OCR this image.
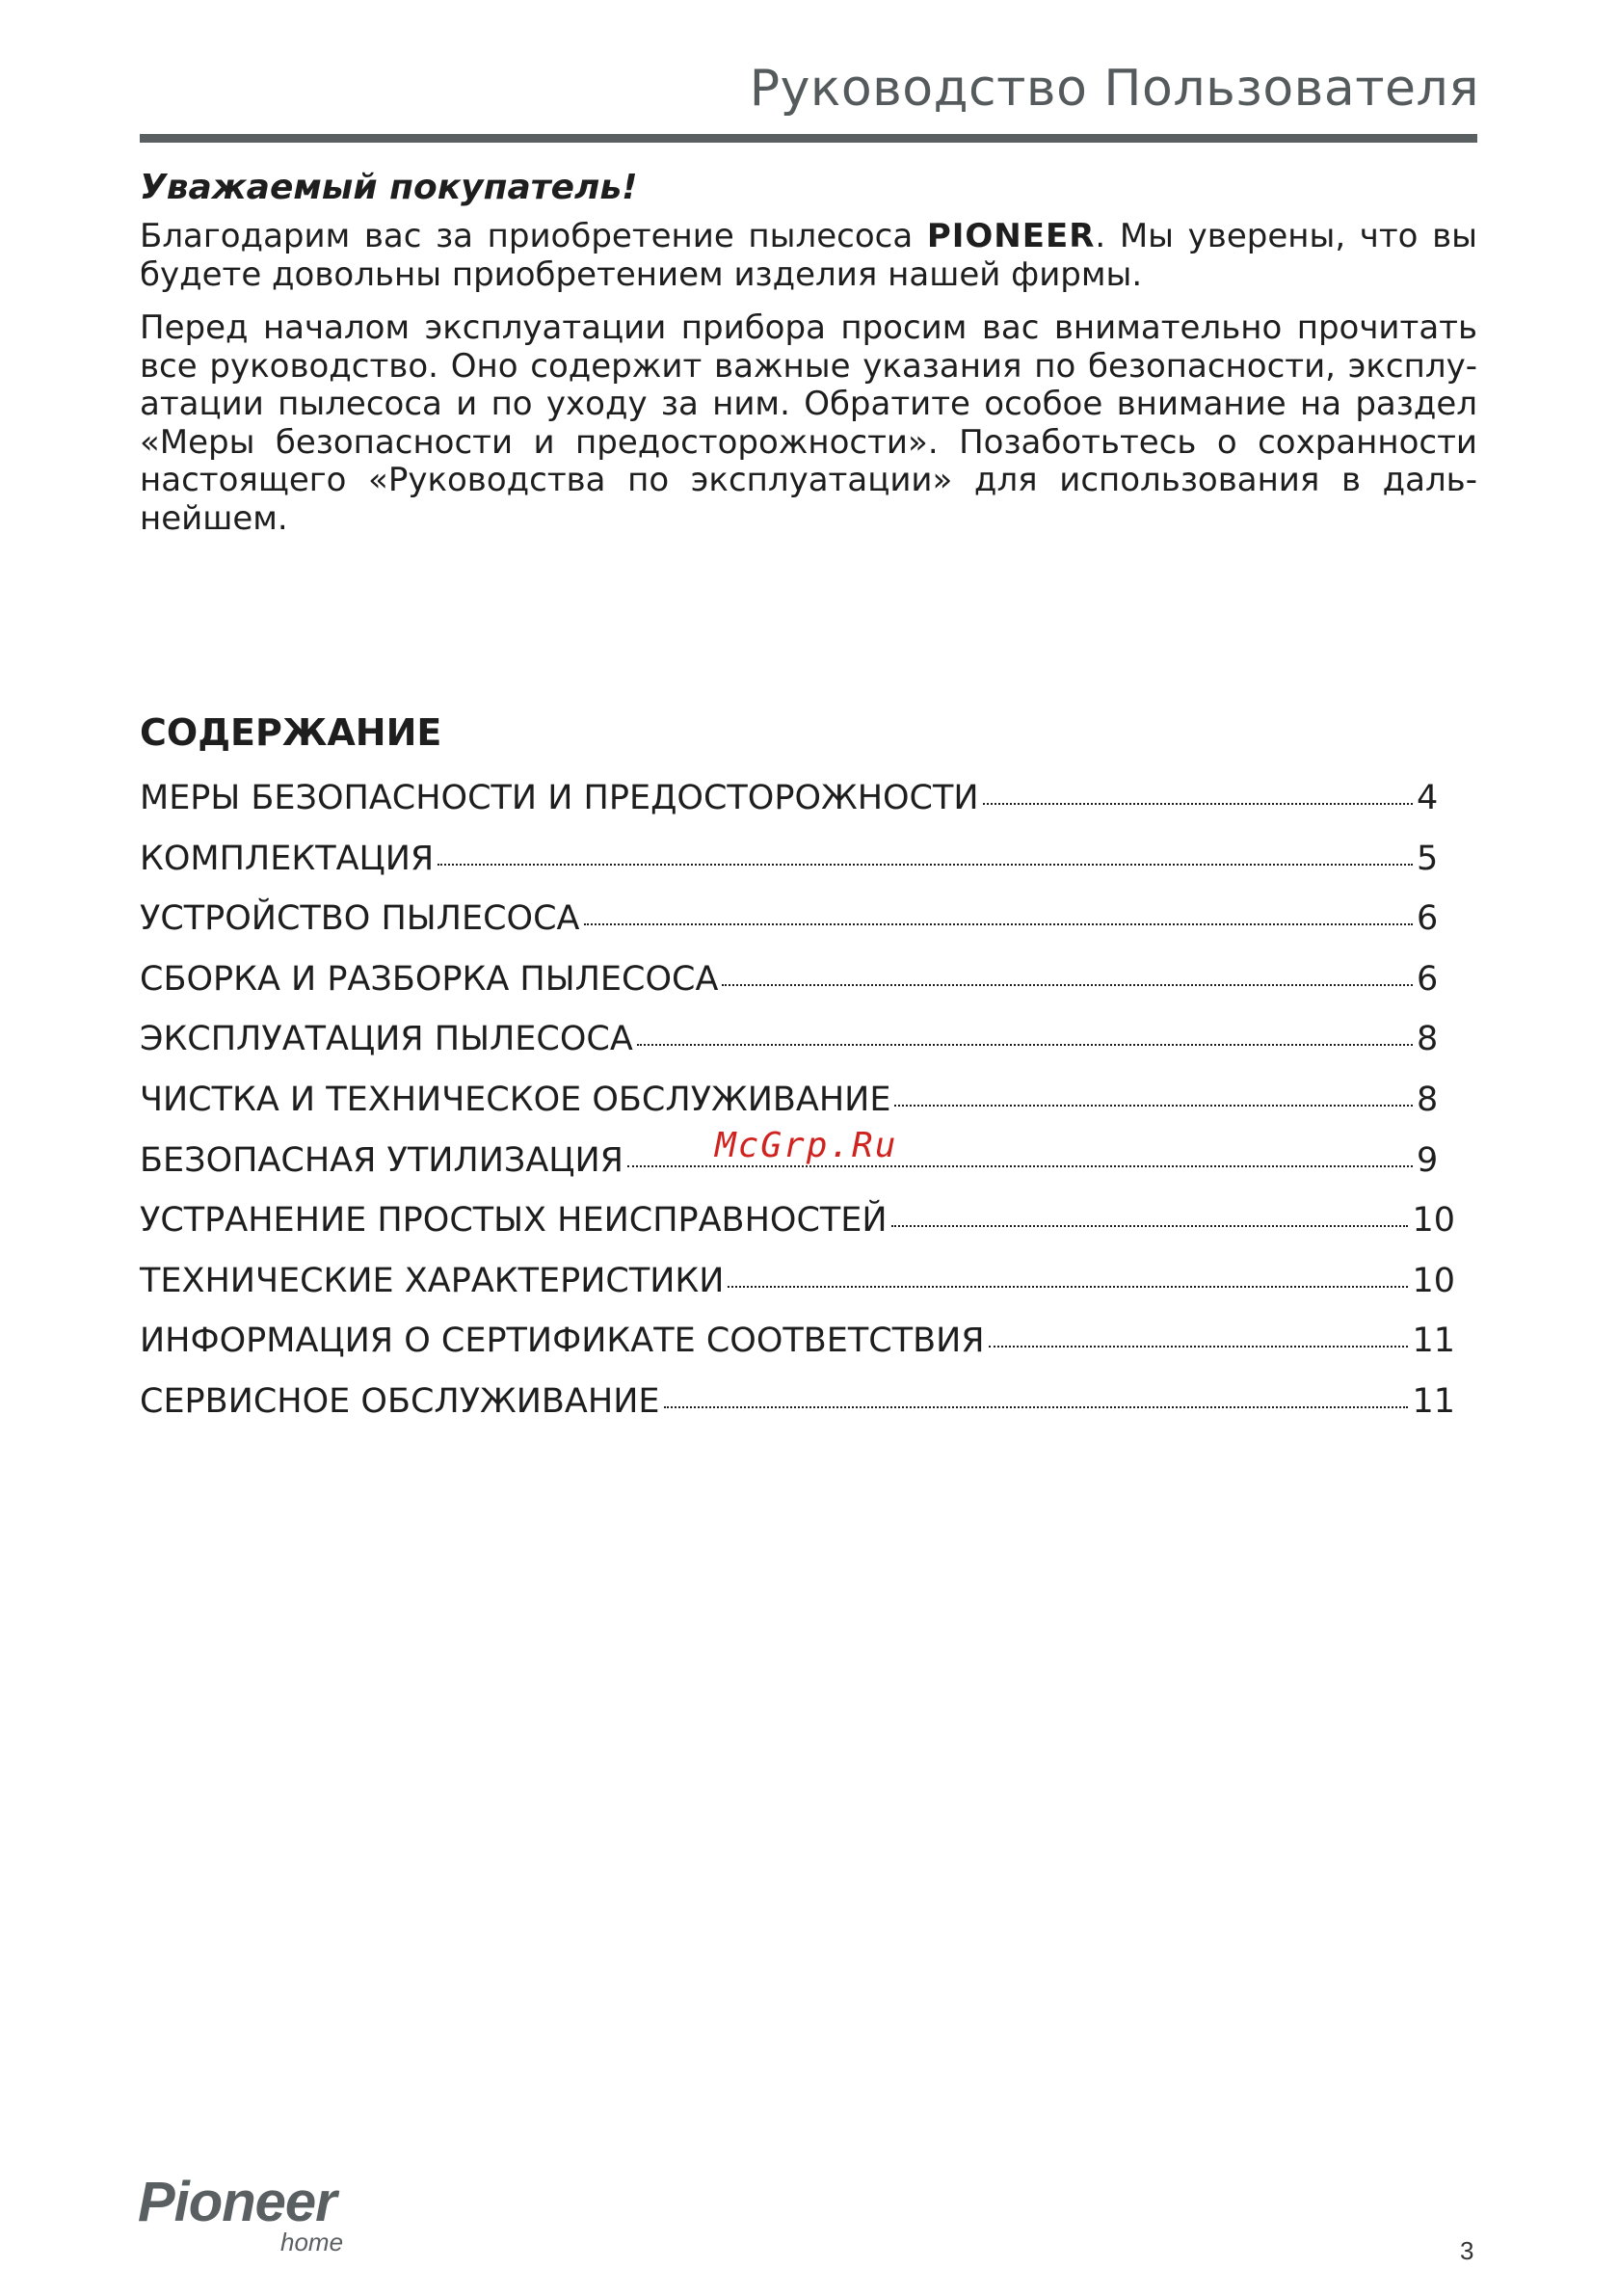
Руководство Пользователя
Уважаемый покупатель!
Благодарим вас за приобретение пылесоса PIONEER. Мы уверены, что вы будете довольны приобретением изделия нашей фирмы.
Перед началом эксплуатации прибора просим вас внимательно прочитать все руководство. Оно содержит важные указания по безопасности, эксплуатации пылесоса и по уходу за ним. Обратите особое внимание на раздел «Меры безопасности и предосторожности». Позаботьтесь о сохранности настоящего «Руководства по эксплуатации» для использования в дальнейшем.
СОДЕРЖАНИЕ
МЕРЫ БЕЗОПАСНОСТИ И ПРЕДОСТОРОЖНОСТИ	4
КОМПЛЕКТАЦИЯ	5
УСТРОЙСТВО ПЫЛЕСОСА	6
СБОРКА И РАЗБОРКА ПЫЛЕСОСА	6
ЭКСПЛУАТАЦИЯ ПЫЛЕСОСА	8
ЧИСТКА И ТЕХНИЧЕСКОЕ ОБСЛУЖИВАНИЕ	8
БЕЗОПАСНАЯ УТИЛИЗАЦИЯ	9
УСТРАНЕНИЕ ПРОСТЫХ НЕИСПРАВНОСТЕЙ	10
ТЕХНИЧЕСКИЕ ХАРАКТЕРИСТИКИ	10
ИНФОРМАЦИЯ О СЕРТИФИКАТЕ СООТВЕТСТВИЯ	11
СЕРВИСНОЕ ОБСЛУЖИВАНИЕ	11
McGrp.Ru
Pioneer
home	3
